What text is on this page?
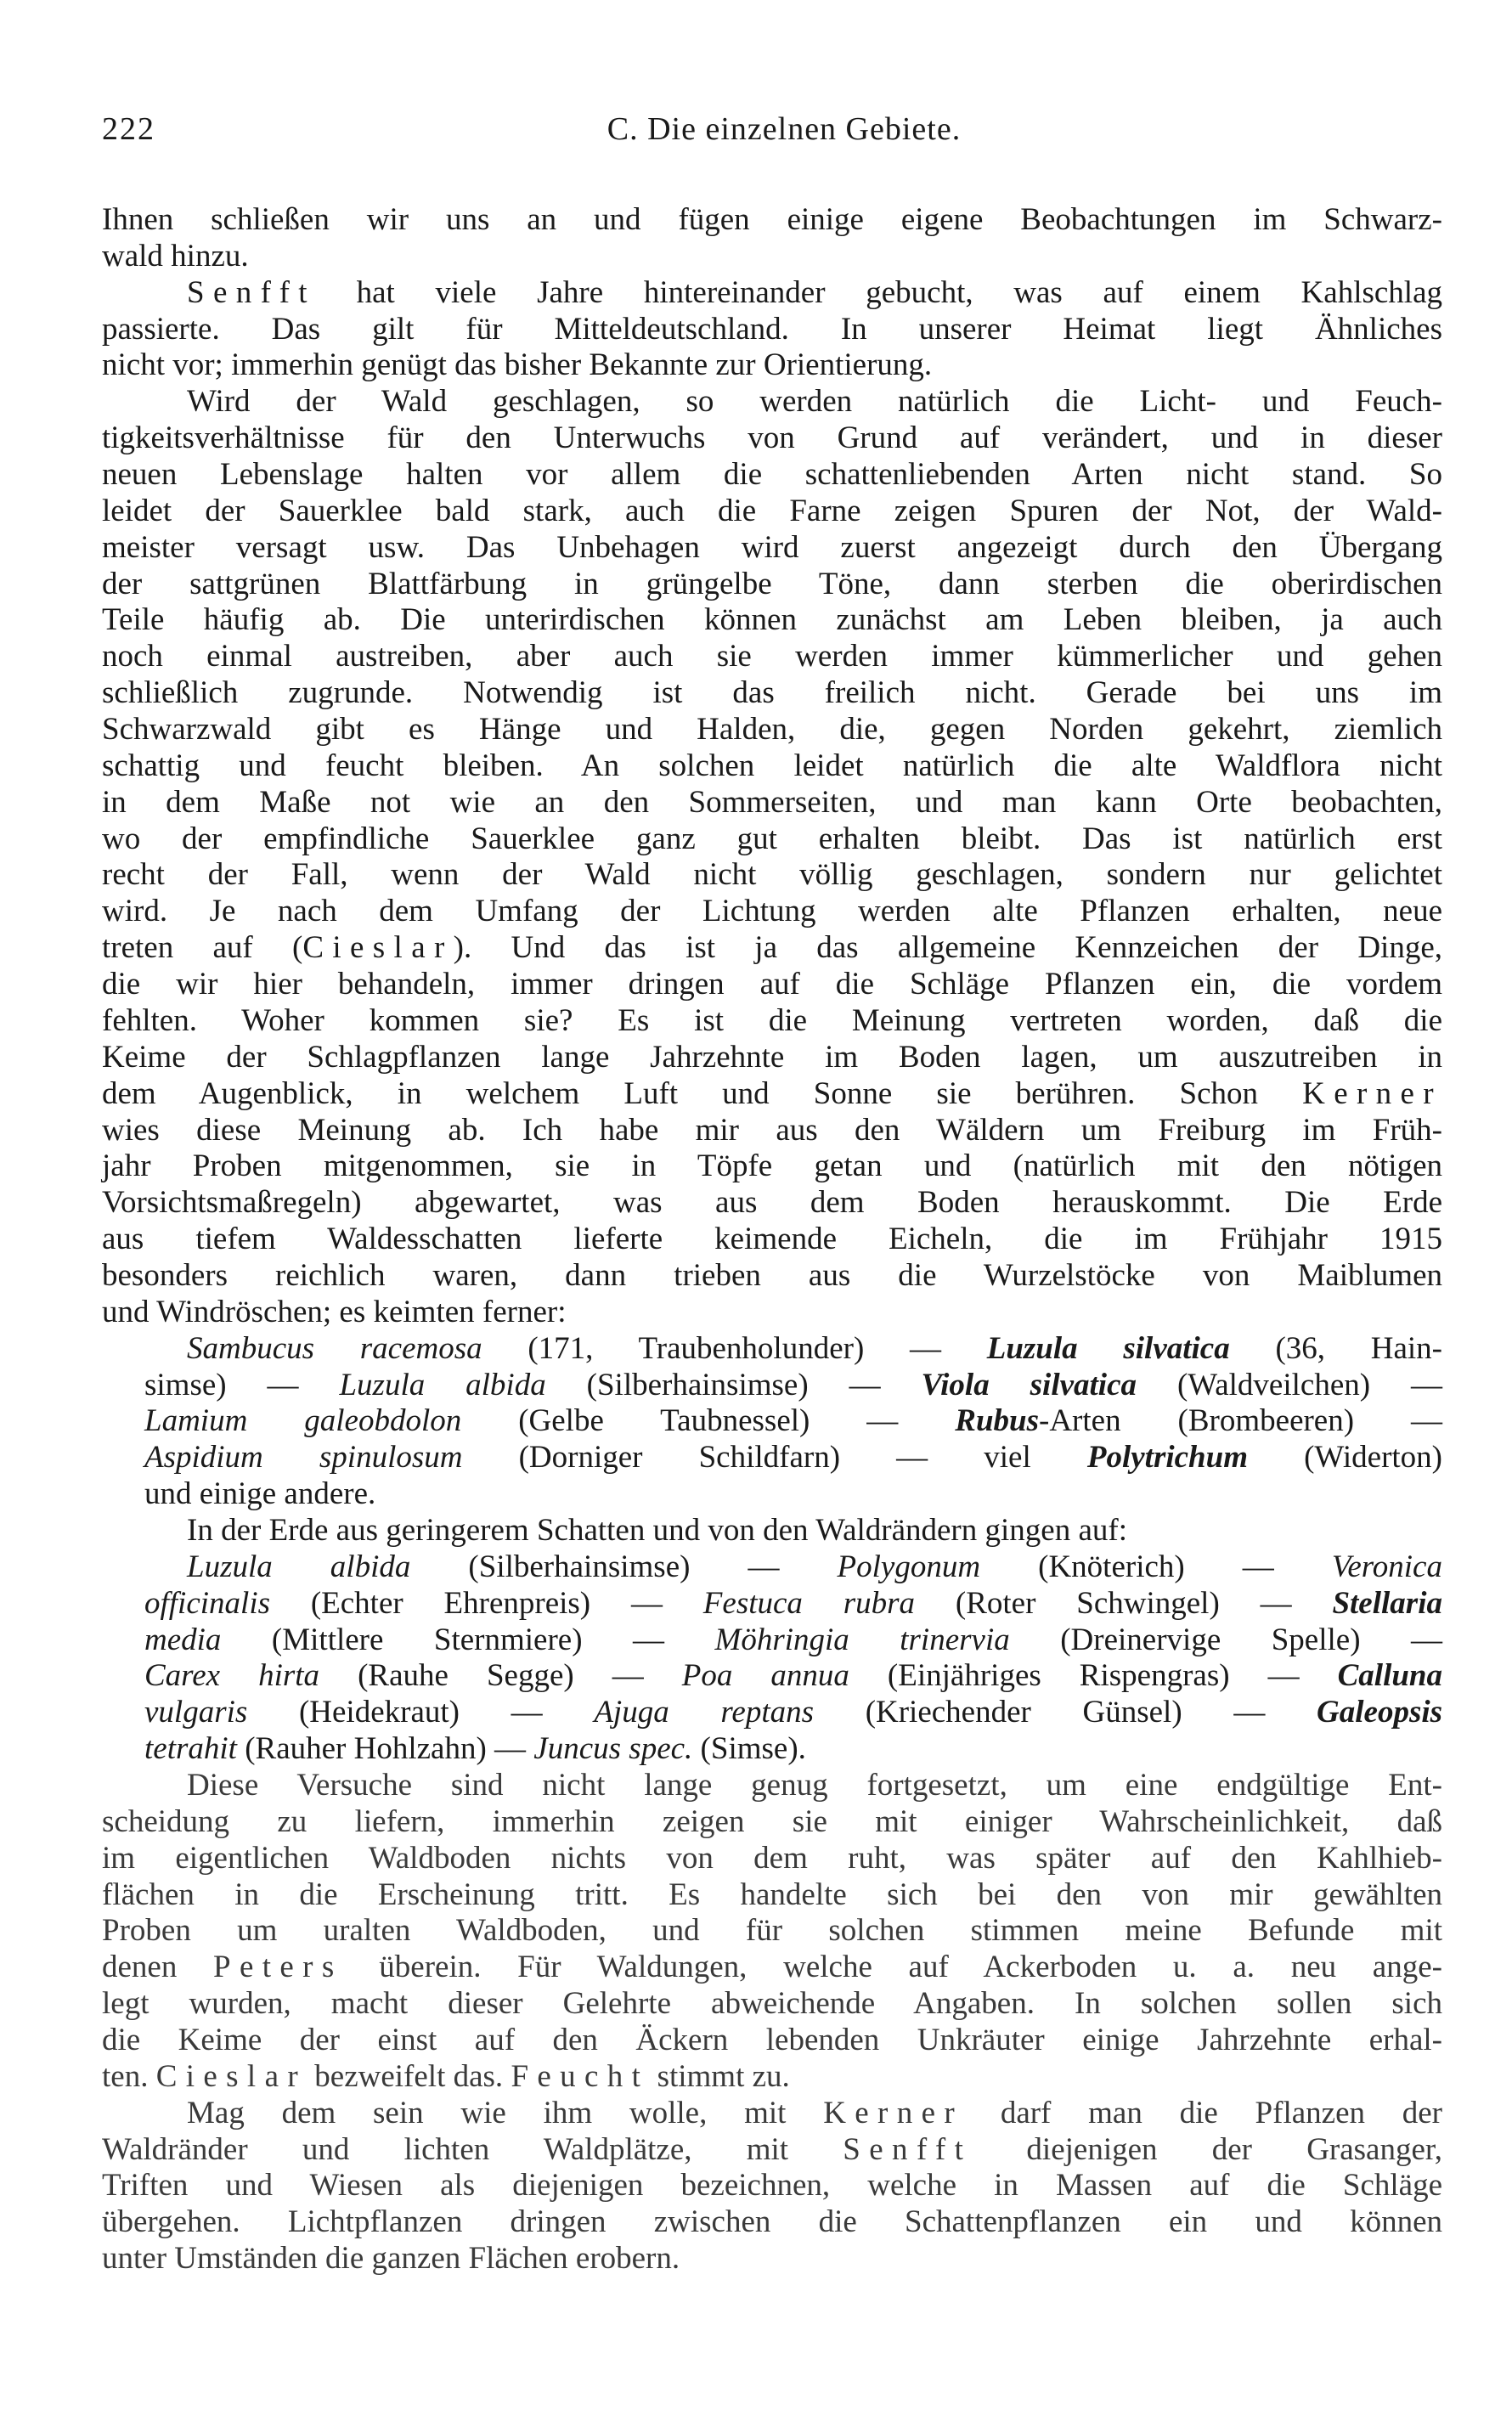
222	C. Die einzelnen Gebiete.
Ihnen schließen wir uns an und fügen einige eigene Beobachtungen im Schwarz-
wald hinzu.
Senfft hat viele Jahre hintereinander gebucht, was auf einem Kahlschlag
passierte. Das gilt für Mitteldeutschland. In unserer Heimat liegt Ähnliches
nicht vor; immerhin genügt das bisher Bekannte zur Orientierung.
Wird der Wald geschlagen, so werden natürlich die Licht- und Feuch-
tigkeitsverhältnisse für den Unterwuchs von Grund auf verändert, und in dieser
neuen Lebenslage halten vor allem die schattenliebenden Arten nicht stand. So
leidet der Sauerklee bald stark, auch die Farne zeigen Spuren der Not, der Wald-
meister versagt usw. Das Unbehagen wird zuerst angezeigt durch den Übergang
der sattgrünen Blattfärbung in grüngelbe Töne, dann sterben die oberirdischen
Teile häufig ab. Die unterirdischen können zunächst am Leben bleiben, ja auch
noch einmal austreiben, aber auch sie werden immer kümmerlicher und gehen
schließlich zugrunde. Notwendig ist das freilich nicht. Gerade bei uns im
Schwarzwald gibt es Hänge und Halden, die, gegen Norden gekehrt, ziemlich
schattig und feucht bleiben. An solchen leidet natürlich die alte Waldflora nicht
in dem Maße not wie an den Sommerseiten, und man kann Orte beobachten,
wo der empfindliche Sauerklee ganz gut erhalten bleibt. Das ist natürlich erst
recht der Fall, wenn der Wald nicht völlig geschlagen, sondern nur gelichtet
wird. Je nach dem Umfang der Lichtung werden alte Pflanzen erhalten, neue
treten auf (Cieslar). Und das ist ja das allgemeine Kennzeichen der Dinge,
die wir hier behandeln, immer dringen auf die Schläge Pflanzen ein, die vordem
fehlten. Woher kommen sie? Es ist die Meinung vertreten worden, daß die
Keime der Schlagpflanzen lange Jahrzehnte im Boden lagen, um auszutreiben in
dem Augenblick, in welchem Luft und Sonne sie berühren. Schon Kerner
wies diese Meinung ab. Ich habe mir aus den Wäldern um Freiburg im Früh-
jahr Proben mitgenommen, sie in Töpfe getan und (natürlich mit den nötigen
Vorsichtsmaßregeln) abgewartet, was aus dem Boden herauskommt. Die Erde
aus tiefem Waldesschatten lieferte keimende Eicheln, die im Frühjahr 1915
besonders reichlich waren, dann trieben aus die Wurzelstöcke von Maiblumen
und Windröschen; es keimten ferner:
Sambucus racemosa (171, Traubenholunder) — Luzula silvatica (36, Hain-
simse) — Luzula albida (Silberhainsimse) — Viola silvatica (Waldveilchen) —
Lamium galeobdolon (Gelbe Taubnessel) — Rubus-Arten (Brombeeren) —
Aspidium spinulosum (Dorniger Schildfarn) — viel Polytrichum (Widerton)
und einige andere.
In der Erde aus geringerem Schatten und von den Waldrändern gingen auf:
Luzula albida (Silberhainsimse) — Polygonum (Knöterich) — Veronica
officinalis (Echter Ehrenpreis) — Festuca rubra (Roter Schwingel) — Stellaria
media (Mittlere Sternmiere) — Möhringia trinervia (Dreinervige Spelle) —
Carex hirta (Rauhe Segge) — Poa annua (Einjähriges Rispengras) — Calluna
vulgaris (Heidekraut) — Ajuga reptans (Kriechender Günsel) — Galeopsis
tetrahit (Rauher Hohlzahn) — Juncus spec. (Simse).
Diese Versuche sind nicht lange genug fortgesetzt, um eine endgültige Ent-
scheidung zu liefern, immerhin zeigen sie mit einiger Wahrscheinlichkeit, daß
im eigentlichen Waldboden nichts von dem ruht, was später auf den Kahlhieb-
flächen in die Erscheinung tritt. Es handelte sich bei den von mir gewählten
Proben um uralten Waldboden, und für solchen stimmen meine Befunde mit
denen Peters überein. Für Waldungen, welche auf Ackerboden u. a. neu ange-
legt wurden, macht dieser Gelehrte abweichende Angaben. In solchen sollen sich
die Keime der einst auf den Äckern lebenden Unkräuter einige Jahrzehnte erhal-
ten. Cieslar bezweifelt das. Feucht stimmt zu.
Mag dem sein wie ihm wolle, mit Kerner darf man die Pflanzen der
Waldränder und lichten Waldplätze, mit Senfft diejenigen der Grasanger,
Triften und Wiesen als diejenigen bezeichnen, welche in Massen auf die Schläge
übergehen. Lichtpflanzen dringen zwischen die Schattenpflanzen ein und können
unter Umständen die ganzen Flächen erobern.
